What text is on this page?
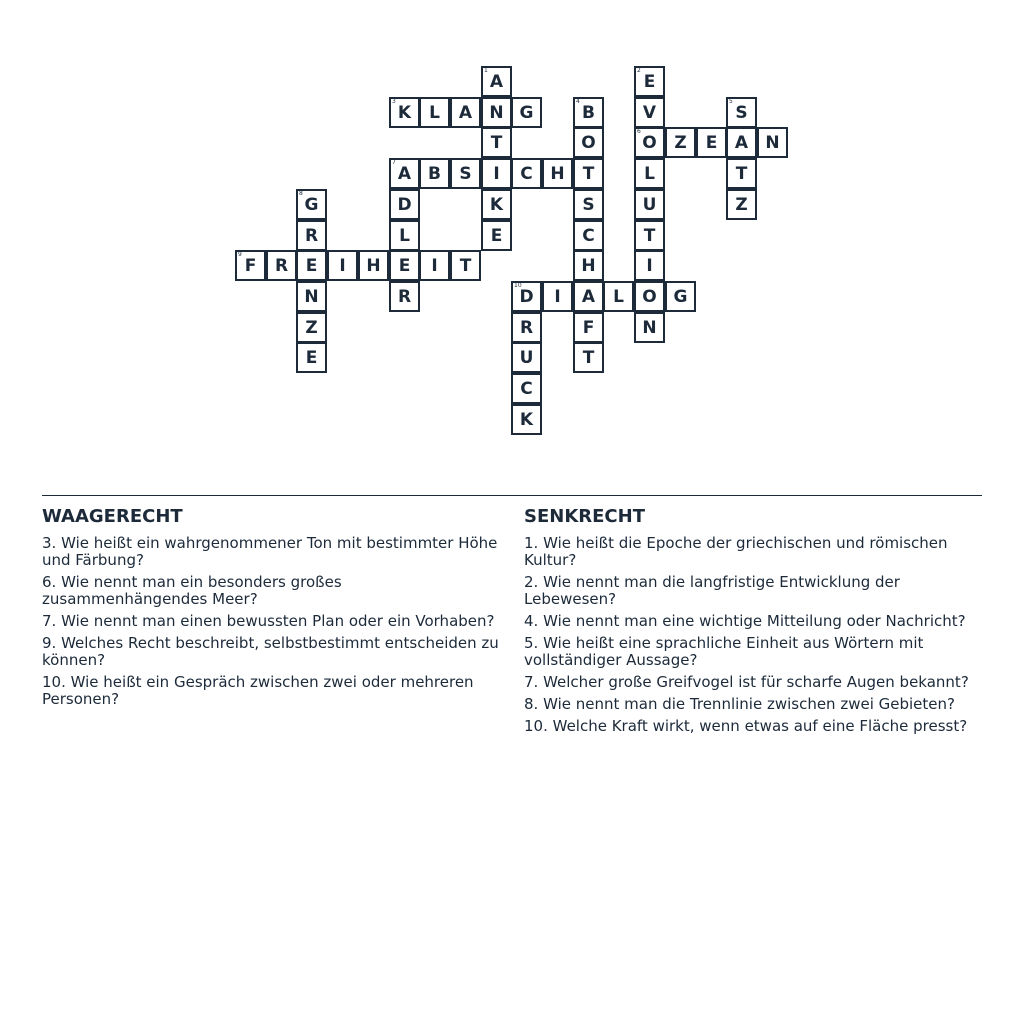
1
A
2
E
3
K	L	A	N G
4
B	V
5
S
T	O
6
O	Z	E	A	N
7
A B	S	I	C	H	T	L	T
8
G	D	K	S	U	Z
R	L	E	C	T
9
F	R	E	I	H	E	I	T	H	I
N	R
10
D	I	A	L	O G
Z	R	F	N
E	U	T
C
K
WAAGERECHT
3. Wie heißt ein wahrgenommener Ton mit bestimmter Höhe und Färbung?
6. Wie nennt man ein besonders großes zusammenhängendes Meer?
7. Wie nennt man einen bewussten Plan oder ein Vorhaben?
9. Welches Recht beschreibt, selbstbestimmt entscheiden zu können?
10. Wie heißt ein Gespräch zwischen zwei oder mehreren Personen?
SENKRECHT
1. Wie heißt die Epoche der griechischen und römischen Kultur?
2. Wie nennt man die langfristige Entwicklung der Lebewesen?
4. Wie nennt man eine wichtige Mitteilung oder Nachricht?
5. Wie heißt eine sprachliche Einheit aus Wörtern mit vollständiger Aussage?
7. Welcher große Greifvogel ist für scharfe Augen bekannt?
8. Wie nennt man die Trennlinie zwischen zwei Gebieten?
10. Welche Kraft wirkt, wenn etwas auf eine Fläche presst?
